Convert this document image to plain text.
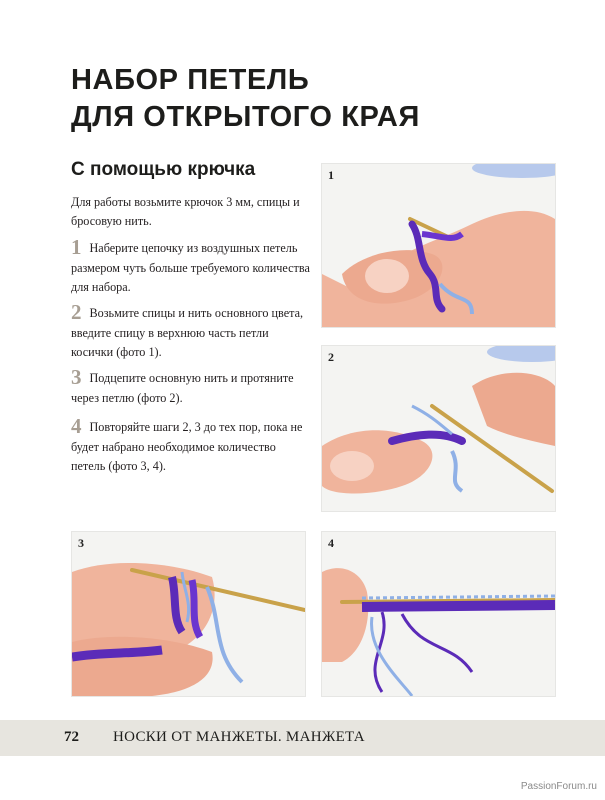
НАБОР ПЕТЕЛЬ
ДЛЯ ОТКРЫТОГО КРАЯ
С помощью крючка

Для работы возьмите крючок 3 мм, спицы и бросовую нить.

1 Наберите цепочку из воздушных петель размером чуть больше требуемого количества для набора.

2 Возьмите спицы и нить основного цвета, введите спицу в верхнюю часть петли косички (фото 1).

3 Подцепите основную нить и протяните через петлю (фото 2).

4 Повторяйте шаги 2, 3 до тех пор, пока не будет набрано необходимое количество петель (фото 3, 4).

1
2
3	4
72 НОСКИ ОТ МАНЖЕТЫ. МАНЖЕТА
PassionForum.ru
